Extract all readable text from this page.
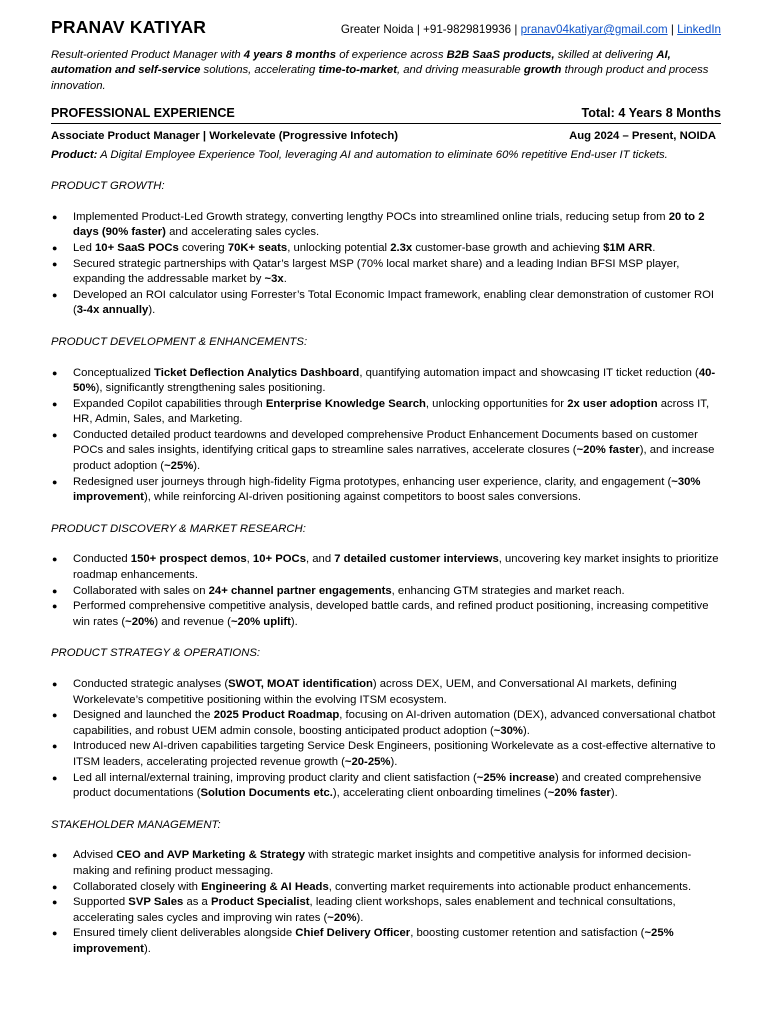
PRANAV KATIYAR	Greater Noida | +91-9829819936 | pranav04katiyar@gmail.com | LinkedIn
Result-oriented Product Manager with 4 years 8 months of experience across B2B SaaS products, skilled at delivering AI, automation and self-service solutions, accelerating time-to-market, and driving measurable growth through product and process innovation.
PROFESSIONAL EXPERIENCE	Total: 4 Years 8 Months
Associate Product Manager | Workelevate (Progressive Infotech)	Aug 2024 – Present, NOIDA
Product: A Digital Employee Experience Tool, leveraging AI and automation to eliminate 60% repetitive End-user IT tickets.
PRODUCT GROWTH:
● Implemented Product-Led Growth strategy, converting lengthy POCs into streamlined online trials, reducing setup from 20 to 2 days (90% faster) and accelerating sales cycles.
● Led 10+ SaaS POCs covering 70K+ seats, unlocking potential 2.3x customer-base growth and achieving $1M ARR.
● Secured strategic partnerships with Qatar’s largest MSP (70% local market share) and a leading Indian BFSI MSP player, expanding the addressable market by ~3x.
● Developed an ROI calculator using Forrester’s Total Economic Impact framework, enabling clear demonstration of customer ROI (3-4x annually).
PRODUCT DEVELOPMENT & ENHANCEMENTS:
● Conceptualized Ticket Deflection Analytics Dashboard, quantifying automation impact and showcasing IT ticket reduction (40-50%), significantly strengthening sales positioning.
● Expanded Copilot capabilities through Enterprise Knowledge Search, unlocking opportunities for 2x user adoption across IT, HR, Admin, Sales, and Marketing.
● Conducted detailed product teardowns and developed comprehensive Product Enhancement Documents based on customer POCs and sales insights, identifying critical gaps to streamline sales narratives, accelerate closures (~20% faster), and increase product adoption (~25%).
● Redesigned user journeys through high-fidelity Figma prototypes, enhancing user experience, clarity, and engagement (~30% improvement), while reinforcing AI-driven positioning against competitors to boost sales conversions.
PRODUCT DISCOVERY & MARKET RESEARCH:
● Conducted 150+ prospect demos, 10+ POCs, and 7 detailed customer interviews, uncovering key market insights to prioritize roadmap enhancements.
● Collaborated with sales on 24+ channel partner engagements, enhancing GTM strategies and market reach.
● Performed comprehensive competitive analysis, developed battle cards, and refined product positioning, increasing competitive win rates (~20%) and revenue (~20% uplift).
PRODUCT STRATEGY & OPERATIONS:
● Conducted strategic analyses (SWOT, MOAT identification) across DEX, UEM, and Conversational AI markets, defining Workelevate’s competitive positioning within the evolving ITSM ecosystem.
● Designed and launched the 2025 Product Roadmap, focusing on AI-driven automation (DEX), advanced conversational chatbot capabilities, and robust UEM admin console, boosting anticipated product adoption (~30%).
● Introduced new AI-driven capabilities targeting Service Desk Engineers, positioning Workelevate as a cost-effective alternative to ITSM leaders, accelerating projected revenue growth (~20-25%).
● Led all internal/external training, improving product clarity and client satisfaction (~25% increase) and created comprehensive product documentations (Solution Documents etc.), accelerating client onboarding timelines (~20% faster).
STAKEHOLDER MANAGEMENT:
● Advised CEO and AVP Marketing & Strategy with strategic market insights and competitive analysis for informed decision-making and refining product messaging.
● Collaborated closely with Engineering & AI Heads, converting market requirements into actionable product enhancements.
● Supported SVP Sales as a Product Specialist, leading client workshops, sales enablement and technical consultations, accelerating sales cycles and improving win rates (~20%).
● Ensured timely client deliverables alongside Chief Delivery Officer, boosting customer retention and satisfaction (~25% improvement).
